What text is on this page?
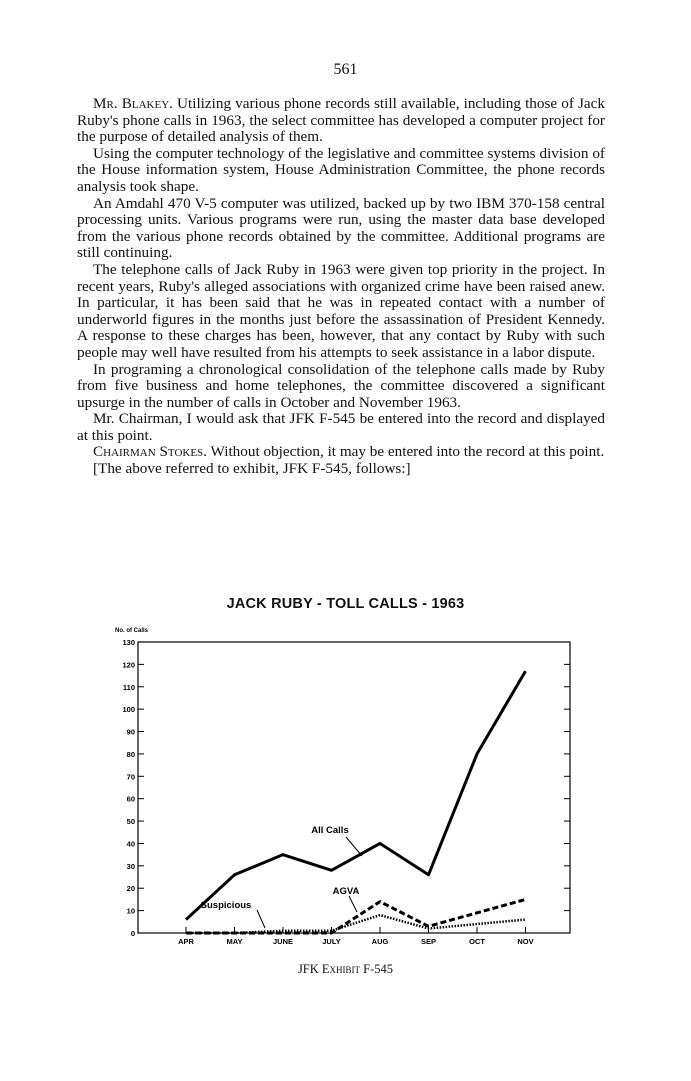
561

Mr. Blakey. Utilizing various phone records still available, including those of Jack Ruby's phone calls in 1963, the select committee has developed a computer project for the purpose of detailed analysis of them.

Using the computer technology of the legislative and committee systems division of the House information system, House Administration Committee, the phone records analysis took shape.

An Amdahl 470 V-5 computer was utilized, backed up by two IBM 370-158 central processing units. Various programs were run, using the master data base developed from the various phone records obtained by the committee. Additional programs are still continuing.

The telephone calls of Jack Ruby in 1963 were given top priority in the project. In recent years, Ruby's alleged associations with organized crime have been raised anew. In particular, it has been said that he was in repeated contact with a number of underworld figures in the months just before the assassination of President Kennedy. A response to these charges has been, however, that any contact by Ruby with such people may well have resulted from his attempts to seek assistance in a labor dispute.

In programing a chronological consolidation of the telephone calls made by Ruby from five business and home telephones, the committee discovered a significant upsurge in the number of calls in October and November 1963.

Mr. Chairman, I would ask that JFK F-545 be entered into the record and displayed at this point.

Chairman Stokes. Without objection, it may be entered into the record at this point.

[The above referred to exhibit, JFK F-545, follows:]

JACK RUBY - TOLL CALLS - 1963
No. of Calls
0
10
20
30
40
50
60
70
80
90
100
110
120
130
APR	MAY	JUNE	JULY	AUG	SEP	OCT	NOV
All Calls
AGVA
Suspicious
JFK Exhibit F-545
